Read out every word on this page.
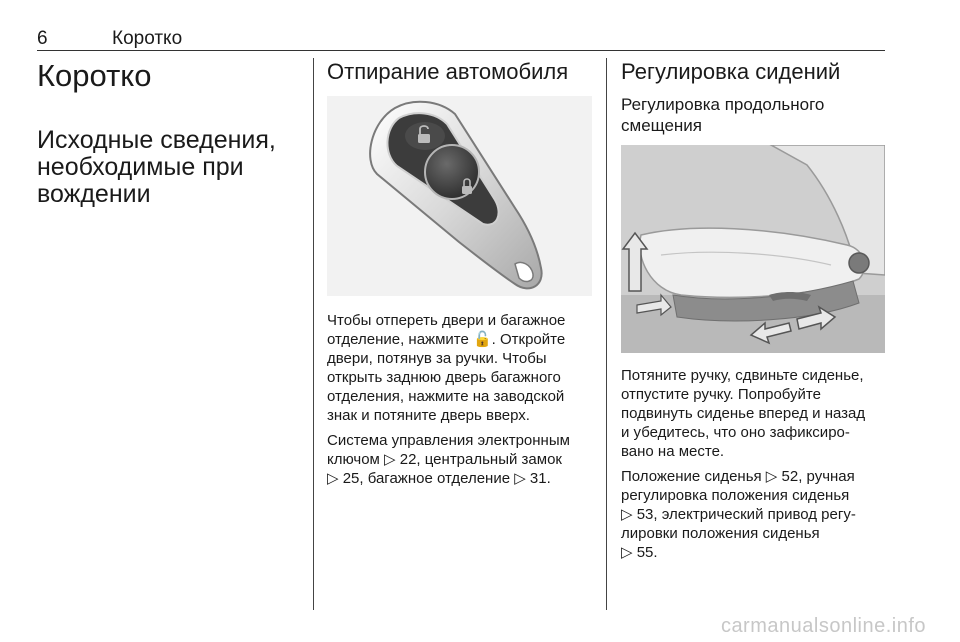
6	Коротко
Коротко
Исходные сведения,
необходимые при
вождении
Отпирание автомобиля

Чтобы отпереть двери и багажное
отделение, нажмите 🔓. Откройте
двери, потянув за ручки. Чтобы
открыть заднюю дверь багажного
отделения, нажмите на заводской
знак и потяните дверь вверх.

Система управления электронным
ключом ▷ 22, центральный замок
▷ 25, багажное отделение ▷ 31.

Регулировка сидений
Регулировка продольного
смещения

Потяните ручку, сдвиньте сиденье,
отпустите ручку. Попробуйте
подвинуть сиденье вперед и назад
и убедитесь, что оно зафиксиро-
вано на месте.

Положение сиденья ▷ 52, ручная
регулировка положения сиденья
▷ 53, электрический привод регу-
лировки положения сиденья
▷ 55.

carmanualsonline.info
